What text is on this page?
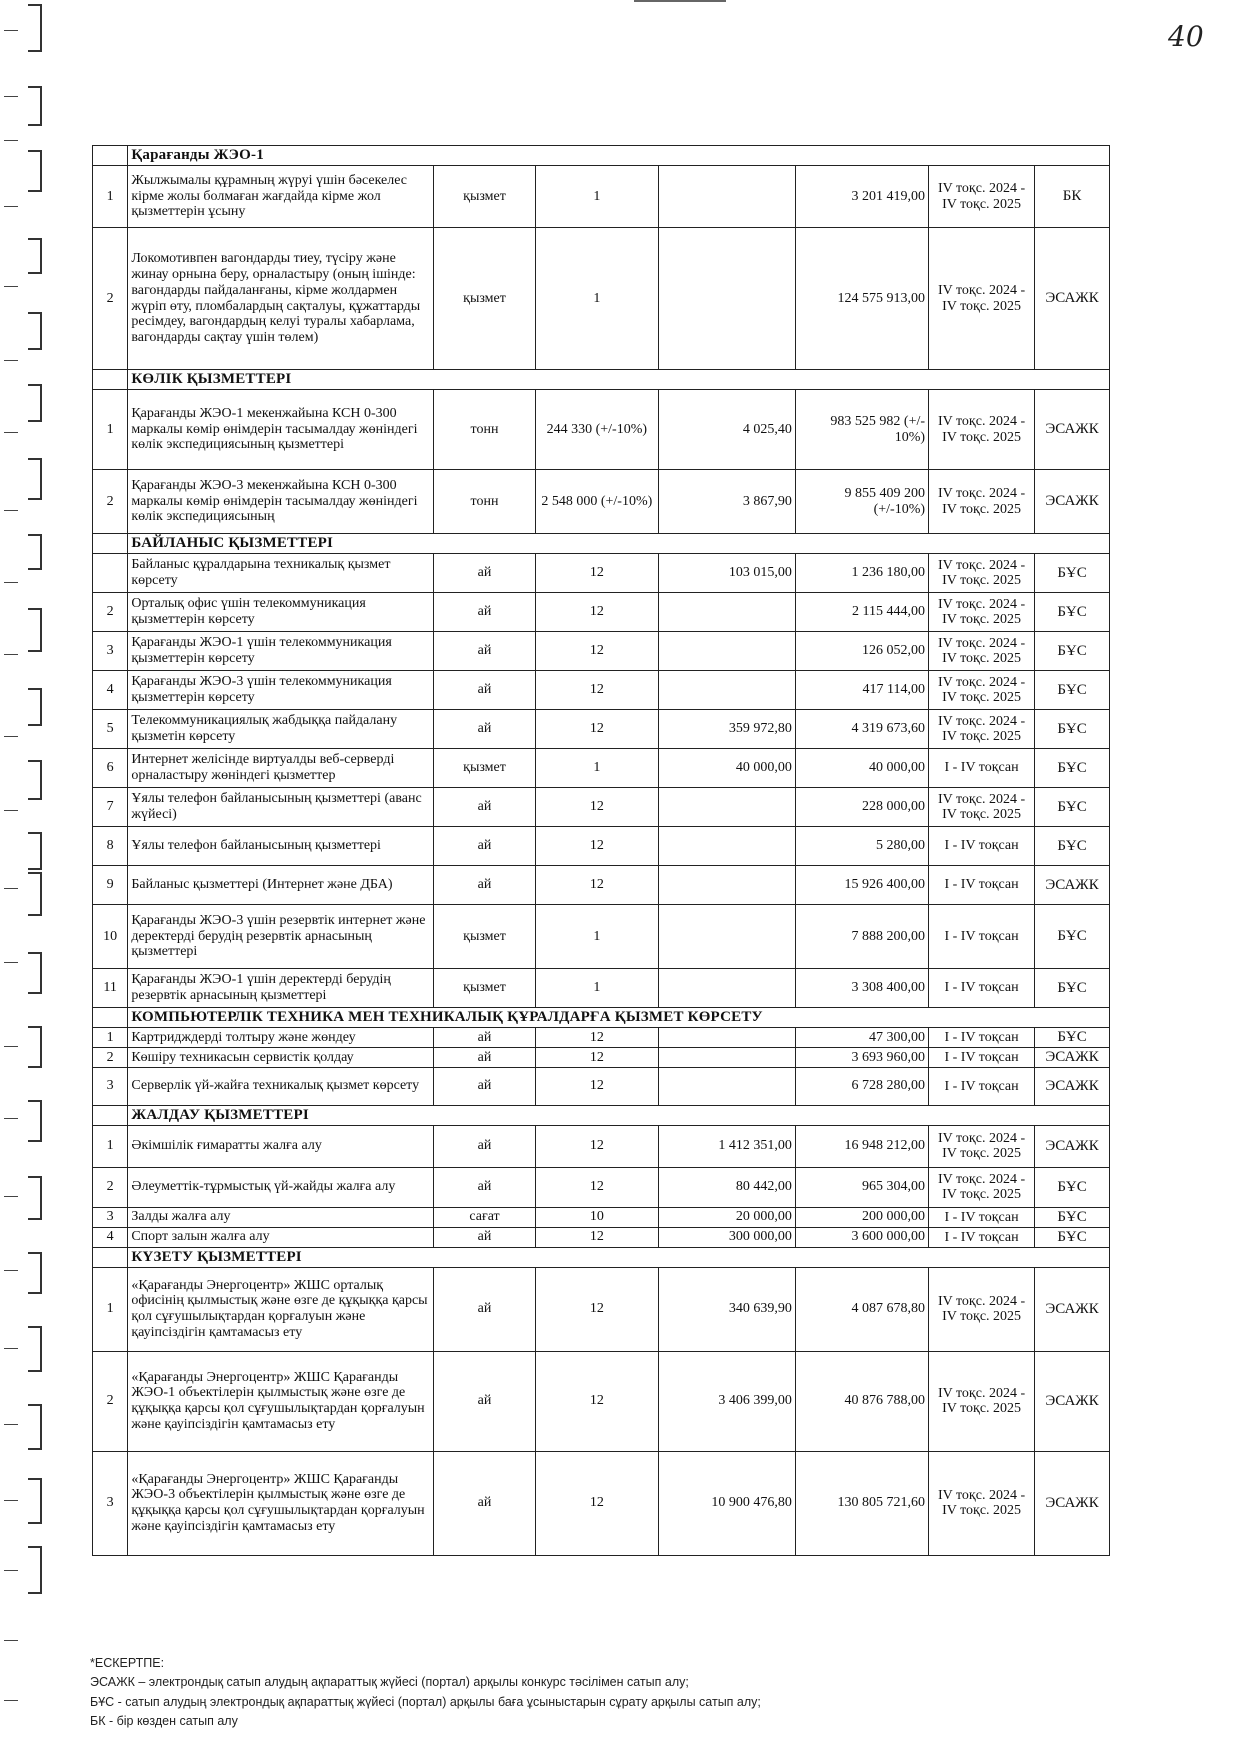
40
	Қарағанды ЖЭО-1						
1	Жылжымалы құрамның жүруі үшін бәсекелес кірме жолы болмаған жағдайда кірме жол қызметтерін ұсыну	қызмет	1		3 201 419,00	IV тоқс. 2024 - IV тоқс. 2025	БК
2	Локомотивпен вагондарды тиеу, түсіру және жинау орнына беру, орналастыру (оның ішінде: вагондарды пайдаланғаны, кірме жолдармен жүріп өту, пломбалардың сақталуы, құжаттарды ресімдеу, вагондардың келуі туралы хабарлама, вагондарды сақтау үшін төлем)	қызмет	1		124 575 913,00	IV тоқс. 2024 - IV тоқс. 2025	ЭСАЖК
	КӨЛІК ҚЫЗМЕТТЕРІ						
1	Қарағанды ЖЭО-1 мекенжайына КСН 0-300 маркалы көмір өнімдерін тасымалдау жөніндегі көлік экспедициясының қызметтері	тонн	244 330 (+/-10%)	4 025,40	983 525 982 (+/- 10%)	IV тоқс. 2024 - IV тоқс. 2025	ЭСАЖК
2	Қарағанды ЖЭО-3 мекенжайына КСН 0-300 маркалы көмір өнімдерін тасымалдау жөніндегі көлік экспедициясының	тонн	2 548 000 (+/-10%)	3 867,90	9 855 409 200 (+/-10%)	IV тоқс. 2024 - IV тоқс. 2025	ЭСАЖК
	БАЙЛАНЫС ҚЫЗМЕТТЕРІ						
	Байланыс құралдарына техникалық қызмет көрсету	ай	12	103 015,00	1 236 180,00	IV тоқс. 2024 - IV тоқс. 2025	БҰС
2	Орталық офис үшін телекоммуникация қызметтерін көрсету	ай	12		2 115 444,00	IV тоқс. 2024 - IV тоқс. 2025	БҰС
3	Қарағанды ЖЭО-1 үшін телекоммуникация қызметтерін көрсету	ай	12		126 052,00	IV тоқс. 2024 - IV тоқс. 2025	БҰС
4	Қарағанды ЖЭО-3 үшін телекоммуникация қызметтерін көрсету	ай	12		417 114,00	IV тоқс. 2024 - IV тоқс. 2025	БҰС
5	Телекоммуникациялық жабдыққа пайдалану қызметін көрсету	ай	12	359 972,80	4 319 673,60	IV тоқс. 2024 - IV тоқс. 2025	БҰС
6	Интернет желісінде виртуалды веб-серверді орналастыру жөніндегі қызметтер	қызмет	1	40 000,00	40 000,00	I - IV тоқсан	БҰС
7	Ұялы телефон байланысының қызметтері (аванс жүйесі)	ай	12		228 000,00	IV тоқс. 2024 - IV тоқс. 2025	БҰС
8	Ұялы телефон байланысының қызметтері	ай	12		5 280,00	I - IV тоқсан	БҰС
9	Байланыс қызметтері (Интернет және ДБА)	ай	12		15 926 400,00	I - IV тоқсан	ЭСАЖК
10	Қарағанды ЖЭО-3 үшін резервтік интернет және деректерді берудің резервтік арнасының қызметтері	қызмет	1		7 888 200,00	I - IV тоқсан	БҰС
11	Қарағанды ЖЭО-1 үшін деректерді берудің резервтік арнасының қызметтері	қызмет	1		3 308 400,00	I - IV тоқсан	БҰС
	КОМПЬЮТЕРЛІК ТЕХНИКА МЕН ТЕХНИКАЛЫҚ ҚҰРАЛДАРҒА ҚЫЗМЕТ КӨРСЕТУ						
1	Картридждерді толтыру және жөндеу	ай	12		47 300,00	I - IV тоқсан	БҰС
2	Көшіру техникасын сервистік қолдау	ай	12		3 693 960,00	I - IV тоқсан	ЭСАЖК
3	Серверлік үй-жайға техникалық қызмет көрсету	ай	12		6 728 280,00	I - IV тоқсан	ЭСАЖК
	ЖАЛДАУ ҚЫЗМЕТТЕРІ						
1	Әкімшілік ғимаратты жалға алу	ай	12	1 412 351,00	16 948 212,00	IV тоқс. 2024 - IV тоқс. 2025	ЭСАЖК
2	Әлеуметтік-тұрмыстық үй-жайды жалға алу	ай	12	80 442,00	965 304,00	IV тоқс. 2024 - IV тоқс. 2025	БҰС
3	Залды жалға алу	сағат	10	20 000,00	200 000,00	I - IV тоқсан	БҰС
4	Спорт залын жалға алу	ай	12	300 000,00	3 600 000,00	I - IV тоқсан	БҰС
	КҮЗЕТУ ҚЫЗМЕТТЕРІ						
1	«Қарағанды Энергоцентр» ЖШС орталық офисінің қылмыстық және өзге де құқыққа қарсы қол сұғушылықтардан қорғалуын және қауіпсіздігін қамтамасыз ету	ай	12	340 639,90	4 087 678,80	IV тоқс. 2024 - IV тоқс. 2025	ЭСАЖК
2	«Қарағанды Энергоцентр» ЖШС Қарағанды ЖЭО-1 объектілерін қылмыстық және өзге де құқыққа қарсы қол сұғушылықтардан қорғалуын және қауіпсіздігін қамтамасыз ету	ай	12	3 406 399,00	40 876 788,00	IV тоқс. 2024 - IV тоқс. 2025	ЭСАЖК
3	«Қарағанды Энергоцентр» ЖШС Қарағанды ЖЭО-3 объектілерін қылмыстық және өзге де құқыққа қарсы қол сұғушылықтардан қорғалуын және қауіпсіздігін қамтамасыз ету	ай	12	10 900 476,80	130 805 721,60	IV тоқс. 2024 - IV тоқс. 2025	ЭСАЖК
*ЕСКЕРТПЕ:
ЭСАЖК – электрондық сатып алудың ақпараттық жүйесі (портал) арқылы конкурс тәсілімен сатып алу;
БҰС - сатып алудың электрондық ақпараттық жүйесі (портал) арқылы баға ұсыныстарын сұрату арқылы сатып алу;
БК - бір көзден сатып алу
